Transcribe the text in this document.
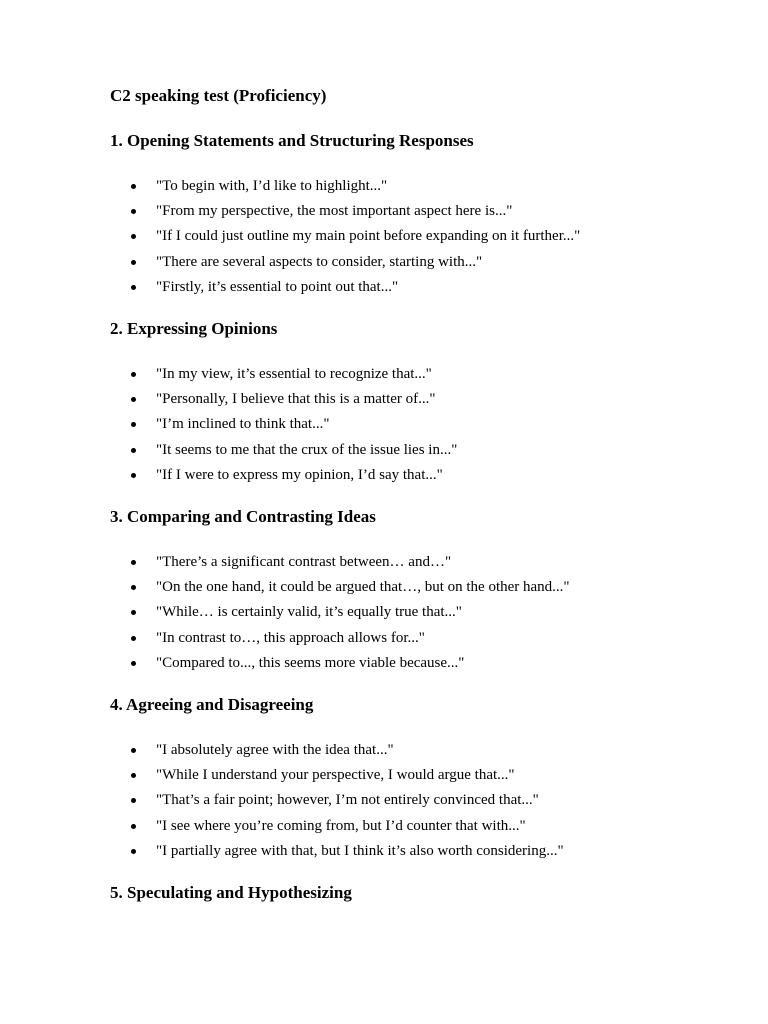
C2 speaking test (Proficiency)
1. Opening Statements and Structuring Responses
"To begin with, I’d like to highlight..."
"From my perspective, the most important aspect here is..."
"If I could just outline my main point before expanding on it further..."
"There are several aspects to consider, starting with..."
"Firstly, it’s essential to point out that..."
2. Expressing Opinions
"In my view, it’s essential to recognize that..."
"Personally, I believe that this is a matter of..."
"I’m inclined to think that..."
"It seems to me that the crux of the issue lies in..."
"If I were to express my opinion, I’d say that..."
3. Comparing and Contrasting Ideas
"There’s a significant contrast between… and…"
"On the one hand, it could be argued that…, but on the other hand..."
"While… is certainly valid, it’s equally true that..."
"In contrast to…, this approach allows for..."
"Compared to..., this seems more viable because..."
4. Agreeing and Disagreeing
"I absolutely agree with the idea that..."
"While I understand your perspective, I would argue that..."
"That’s a fair point; however, I’m not entirely convinced that..."
"I see where you’re coming from, but I’d counter that with..."
"I partially agree with that, but I think it’s also worth considering..."
5. Speculating and Hypothesizing
